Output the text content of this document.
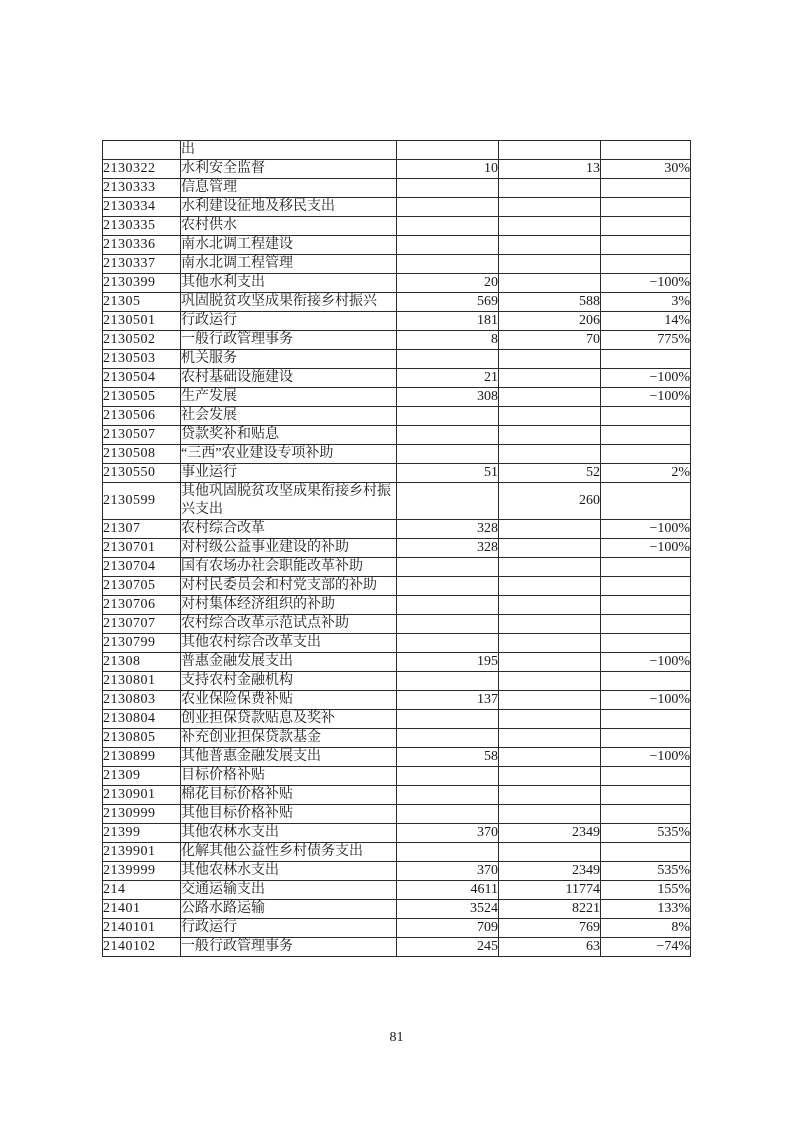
	出			
2130322	水利安全监督	10	13	30%
2130333	信息管理			
2130334	水利建设征地及移民支出			
2130335	农村供水			
2130336	南水北调工程建设			
2130337	南水北调工程管理			
2130399	其他水利支出	20		−100%
21305	巩固脱贫攻坚成果衔接乡村振兴	569	588	3%
2130501	行政运行	181	206	14%
2130502	一般行政管理事务	8	70	775%
2130503	机关服务			
2130504	农村基础设施建设	21		−100%
2130505	生产发展	308		−100%
2130506	社会发展			
2130507	贷款奖补和贴息			
2130508	“三西”农业建设专项补助			
2130550	事业运行	51	52	2%
2130599	其他巩固脱贫攻坚成果衔接乡村振兴支出		260	
21307	农村综合改革	328		−100%
2130701	对村级公益事业建设的补助	328		−100%
2130704	国有农场办社会职能改革补助			
2130705	对村民委员会和村党支部的补助			
2130706	对村集体经济组织的补助			
2130707	农村综合改革示范试点补助			
2130799	其他农村综合改革支出			
21308	普惠金融发展支出	195		−100%
2130801	支持农村金融机构			
2130803	农业保险保费补贴	137		−100%
2130804	创业担保贷款贴息及奖补			
2130805	补充创业担保贷款基金			
2130899	其他普惠金融发展支出	58		−100%
21309	目标价格补贴			
2130901	棉花目标价格补贴			
2130999	其他目标价格补贴			
21399	其他农林水支出	370	2349	535%
2139901	化解其他公益性乡村债务支出			
2139999	其他农林水支出	370	2349	535%
214	交通运输支出	4611	11774	155%
21401	公路水路运输	3524	8221	133%
2140101	行政运行	709	769	8%
2140102	一般行政管理事务	245	63	−74%
81
